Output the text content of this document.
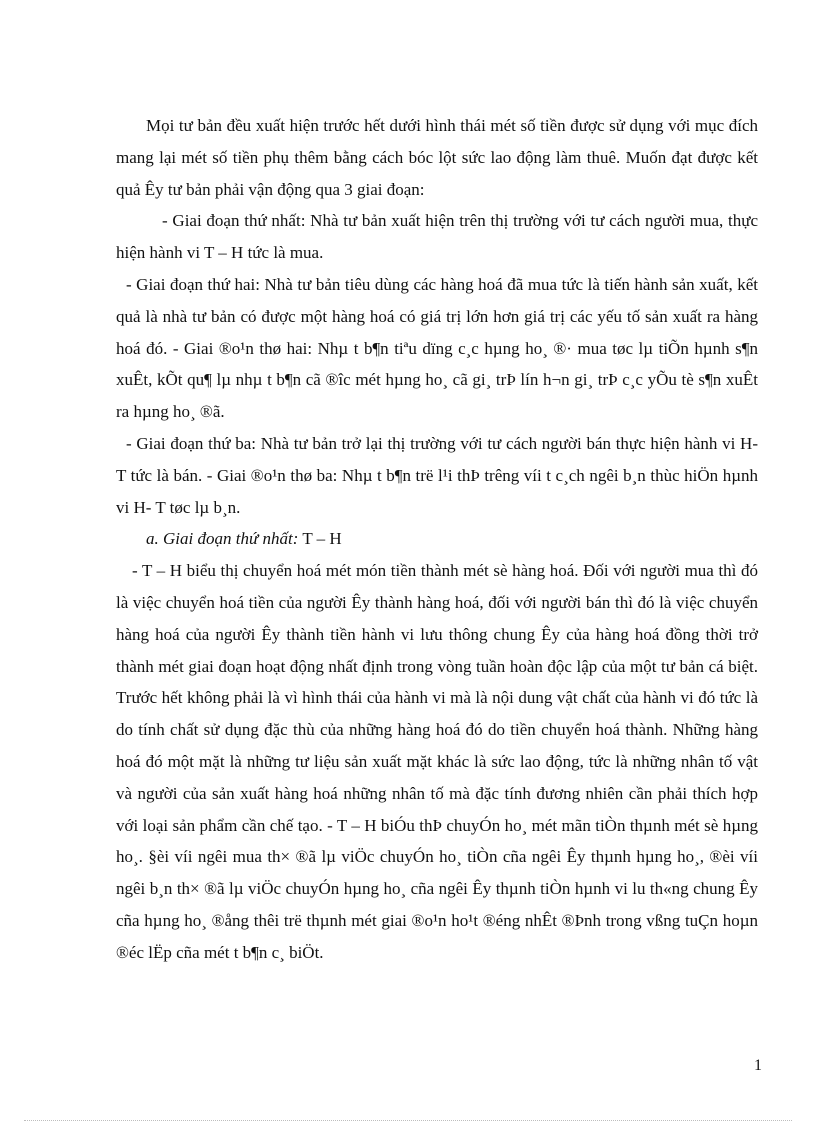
Mọi tư bản đều xuất hiện trước hết dưới hình thái mét số tiền được sử dụng với mục đích mang lại mét số tiền phụ thêm bằng cách bóc lột sức lao động làm thuê. Muốn đạt được kết quả Êy tư bản phải vận động qua 3 giai đoạn:

- Giai đoạn thứ nhất: Nhà tư bản xuất hiện trên thị trường với tư cách người mua, thực hiện hành vi T – H tức là mua.

- Giai đoạn thứ hai: Nhà tư bản tiêu dùng các hàng hoá đã mua tức là tiến hành sản xuất, kết quả là nhà tư bản có được một hàng hoá có giá trị lớn hơn giá trị các yếu tố sản xuất ra hàng hoá đó. - Giai ®o¹n thø hai: Nhµ t b¶n tiªu dïng c¸c hµng ho¸ ®· mua tøc lµ tiÕn hµnh s¶n xuÊt, kÕt qu¶ lµ nhµ t b¶n cã ®îc mét hµng ho¸ cã gi¸ trÞ lín h¬n gi¸ trÞ c¸c yÕu tè s¶n xuÊt ra hµng ho¸ ®ã.

- Giai đoạn thứ ba: Nhà tư bản trở lại thị trường với tư cách người bán thực hiện hành vi H- T tức là bán. - Giai ®o¹n thø ba: Nhµ t b¶n trë l¹i thÞ trêng víi t c¸ch ngêi b¸n thùc hiÖn hµnh vi H- T tøc lµ b¸n.

a. Giai đoạn thứ nhất: T – H

- T – H biểu thị chuyển hoá mét món tiền thành mét sè hàng hoá. Đối với người mua thì đó là việc chuyển hoá tiền của người Êy thành hàng hoá, đối với người bán thì đó là việc chuyển hàng hoá của người Êy thành tiền hành vi lưu thông chung Êy của hàng hoá đồng thời trở thành mét giai đoạn hoạt động nhất định trong vòng tuần hoàn độc lập của một tư bản cá biệt. Trước hết không phải là vì hình thái của hành vi mà là nội dung vật chất của hành vi đó tức là do tính chất sử dụng đặc thù của những hàng hoá đó do tiền chuyển hoá thành. Những hàng hoá đó một mặt là những tư liệu sản xuất mặt khác là sức lao động, tức là những nhân tố vật và người của sản xuất hàng hoá những nhân tố mà đặc tính đương nhiên cần phải thích hợp với loại sản phẩm cần chế tạo. - T – H biÓu thÞ chuyÓn ho¸ mét mãn tiÒn thµnh mét sè hµng ho¸. §èi víi ngêi mua th× ®ã lµ viÖc chuyÓn ho¸ tiÒn cña ngêi Êy thµnh hµng ho¸, ®èi víi ngêi b¸n th× ®ã lµ viÖc chuyÓn hµng ho¸ cña ngêi Êy thµnh tiÒn hµnh vi lu th«ng chung Êy cña hµng ho¸ ®ång thêi trë thµnh mét giai ®o¹n ho¹t ®éng nhÊt ®Þnh trong vßng tuÇn hoµn ®éc lËp cña mét t b¶n c¸ biÖt.

1
